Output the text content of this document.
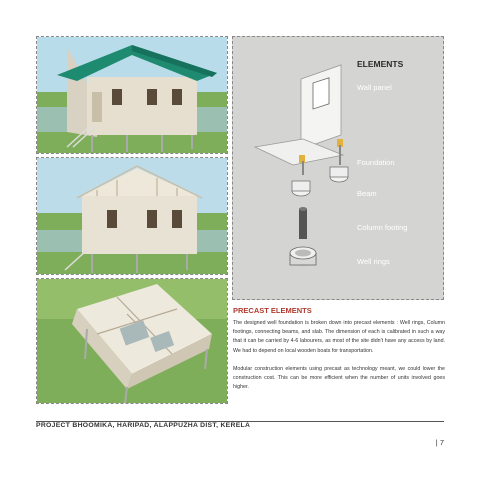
ELEMENTS
Wall panel
Foundation
Beam
Column footing
Well rings
PRECAST ELEMENTS

The designed well foundation is broken down into precast elements : Well rings, Column footings, connecting beams, and slab. The dimension of each is calibrated in such a way that it can be carried by 4-6 labourers, as most of the site didn't have any access by land. We had to depend on local wooden boats for transportation.

Modular construction elements using precast as technology meant, we could lower the construction cost. This can be more efficient when the number of units involved goes higher.

PROJECT BHOOMIKA, HARIPAD, ALAPPUZHA DIST, KERELA
| 7
